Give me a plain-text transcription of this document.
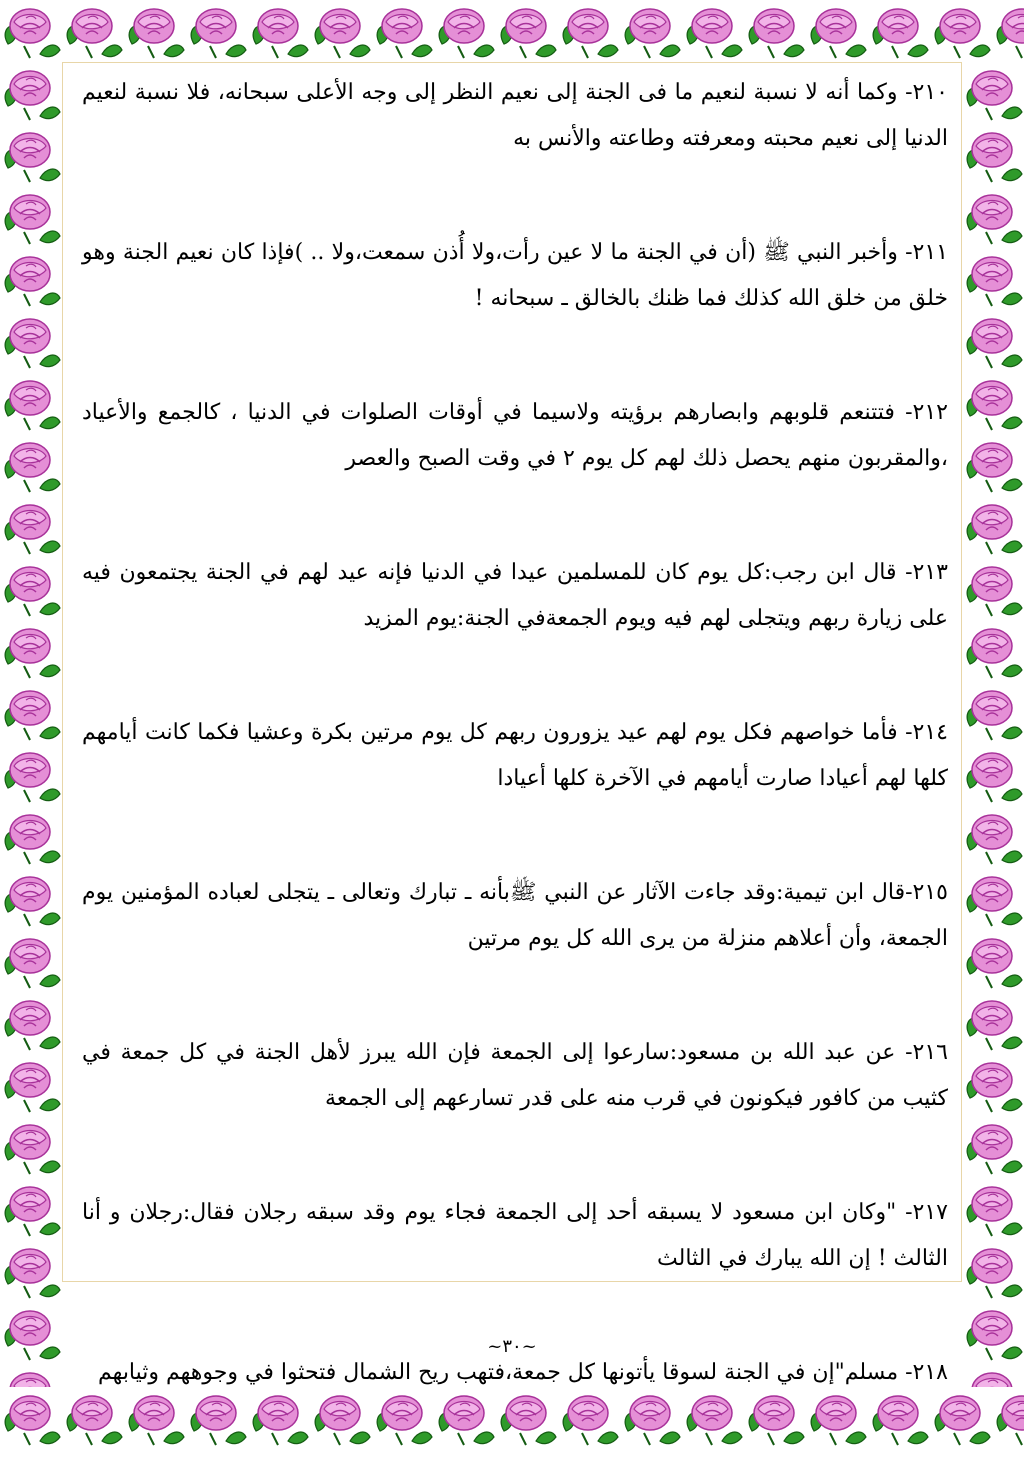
٢١٠- وكما أنه لا نسبة لنعيم ما فى الجنة إلى نعيم النظر إلى وجه الأعلى سبحانه، فلا نسبة لنعيم الدنيا إلى نعيم محبته ومعرفته وطاعته والأنس به

٢١١- وأخبر النبي ﷺ (أن في الجنة ما لا عين رأت،ولا أُذن سمعت،ولا .. )فإذا كان نعيم الجنة وهو خلق من خلق الله كذلك فما ظنك بالخالق ـ سبحانه !

٢١٢- فتتنعم قلوبهم وابصارهم برؤيته ولاسيما في أوقات الصلوات في الدنيا ، كالجمع والأعياد ،والمقربون منهم يحصل ذلك لهم كل يوم ٢ في وقت الصبح والعصر

٢١٣- قال ابن رجب:كل يوم كان للمسلمين عيدا في الدنيا فإنه عيد لهم في الجنة يجتمعون فيه على زيارة ربهم ويتجلى لهم فيه ويوم الجمعةفي الجنة:يوم المزيد

٢١٤- فأما خواصهم فكل يوم لهم عيد يزورون ربهم كل يوم مرتين بكرة وعشيا فكما كانت أيامهم كلها لهم أعيادا صارت أيامهم في الآخرة كلها أعيادا

٢١٥-قال ابن تيمية:وقد جاءت الآثار عن النبي ﷺبأنه ـ تبارك وتعالى ـ يتجلى لعباده المؤمنين يوم الجمعة، وأن أعلاهم منزلة من يرى الله كل يوم مرتين

٢١٦- عن عبد الله بن مسعود:سارعوا إلى الجمعة فإن الله يبرز لأهل الجنة في كل جمعة في كثيب من كافور فيكونون في قرب منه على قدر تسارعهم إلى الجمعة

٢١٧- "وكان ابن مسعود لا يسبقه أحد إلى الجمعة فجاء يوم وقد سبقه رجلان فقال:رجلان و أنا الثالث ! إن الله يبارك في الثالث

٢١٨- مسلم"إن في الجنة لسوقا يأتونها كل جمعة،فتهب ريح الشمال فتحثوا في وجوههم وثيابهم

~٣٠~
